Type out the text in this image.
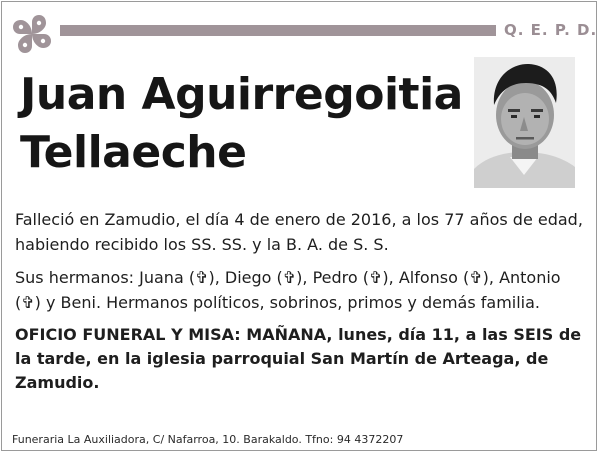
Q. E. P. D.
Juan Aguirregoitia
Tellaeche

Falleció en Zamudio, el día 4 de enero de 2016, a los 77 años de edad, habiendo recibido los SS. SS. y la B. A. de S. S.

Sus hermanos: Juana (✞), Diego (✞), Pedro (✞), Alfonso (✞), Antonio (✞) y Beni. Hermanos políticos, sobrinos, primos y demás familia.

OFICIO FUNERAL Y MISA: MAÑANA, lunes, día 11, a las SEIS de la tarde, en la iglesia parroquial San Martín de Arteaga, de Zamudio.

Funeraria La Auxiliadora, C/ Nafarroa, 10. Barakaldo. Tfno: 94 4372207
